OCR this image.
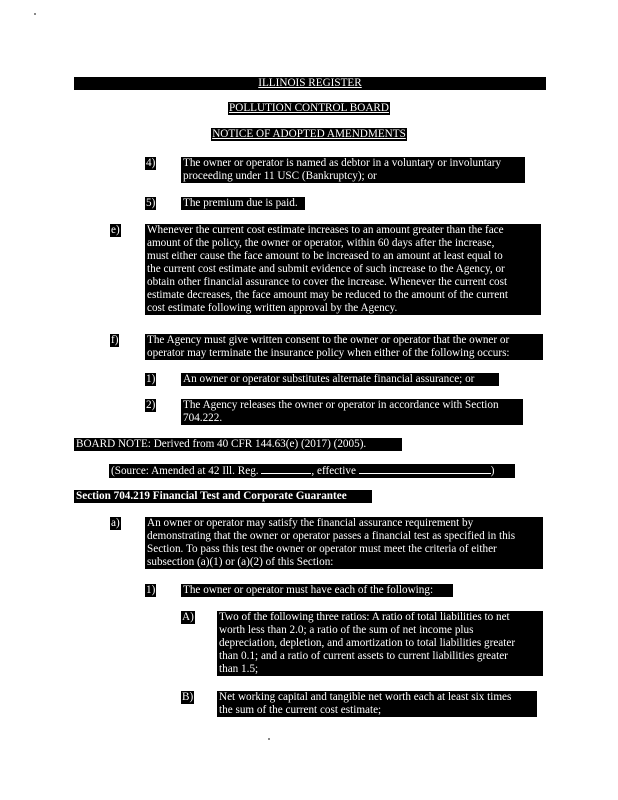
ILLINOIS REGISTER
POLLUTION CONTROL BOARD
NOTICE OF ADOPTED AMENDMENTS
4) The owner or operator is named as debtor in a voluntary or involuntary
proceeding under 11 USC (Bankruptcy); or
5) The premium due is paid.
e) Whenever the current cost estimate increases to an amount greater than the face
amount of the policy, the owner or operator, within 60 days after the increase,
must either cause the face amount to be increased to an amount at least equal to
the current cost estimate and submit evidence of such increase to the Agency, or
obtain other financial assurance to cover the increase. Whenever the current cost
estimate decreases, the face amount may be reduced to the amount of the current
cost estimate following written approval by the Agency.
f)	The Agency must give written consent to the owner or operator that the owner or
operator may terminate the insurance policy when either of the following occurs:
1) An owner or operator substitutes alternate financial assurance; or
2) The Agency releases the owner or operator in accordance with Section
704.222.
BOARD NOTE: Derived from 40 CFR 144.63(e) (2017) (2005).
(Source: Amended at 42 Ill. Reg.	, effective	)
Section 704.219 Financial Test and Corporate Guarantee
a) An owner or operator may satisfy the financial assurance requirement by
demonstrating that the owner or operator passes a financial test as specified in this
Section. To pass this test the owner or operator must meet the criteria of either
subsection (a)(1) or (a)(2) of this Section:
1) The owner or operator must have each of the following:
A) Two of the following three ratios: A ratio of total liabilities to net
worth less than 2.0; a ratio of the sum of net income plus
depreciation, depletion, and amortization to total liabilities greater
than 0.1; and a ratio of current assets to current liabilities greater
than 1.5;
B) Net working capital and tangible net worth each at least six times
the sum of the current cost estimate;
